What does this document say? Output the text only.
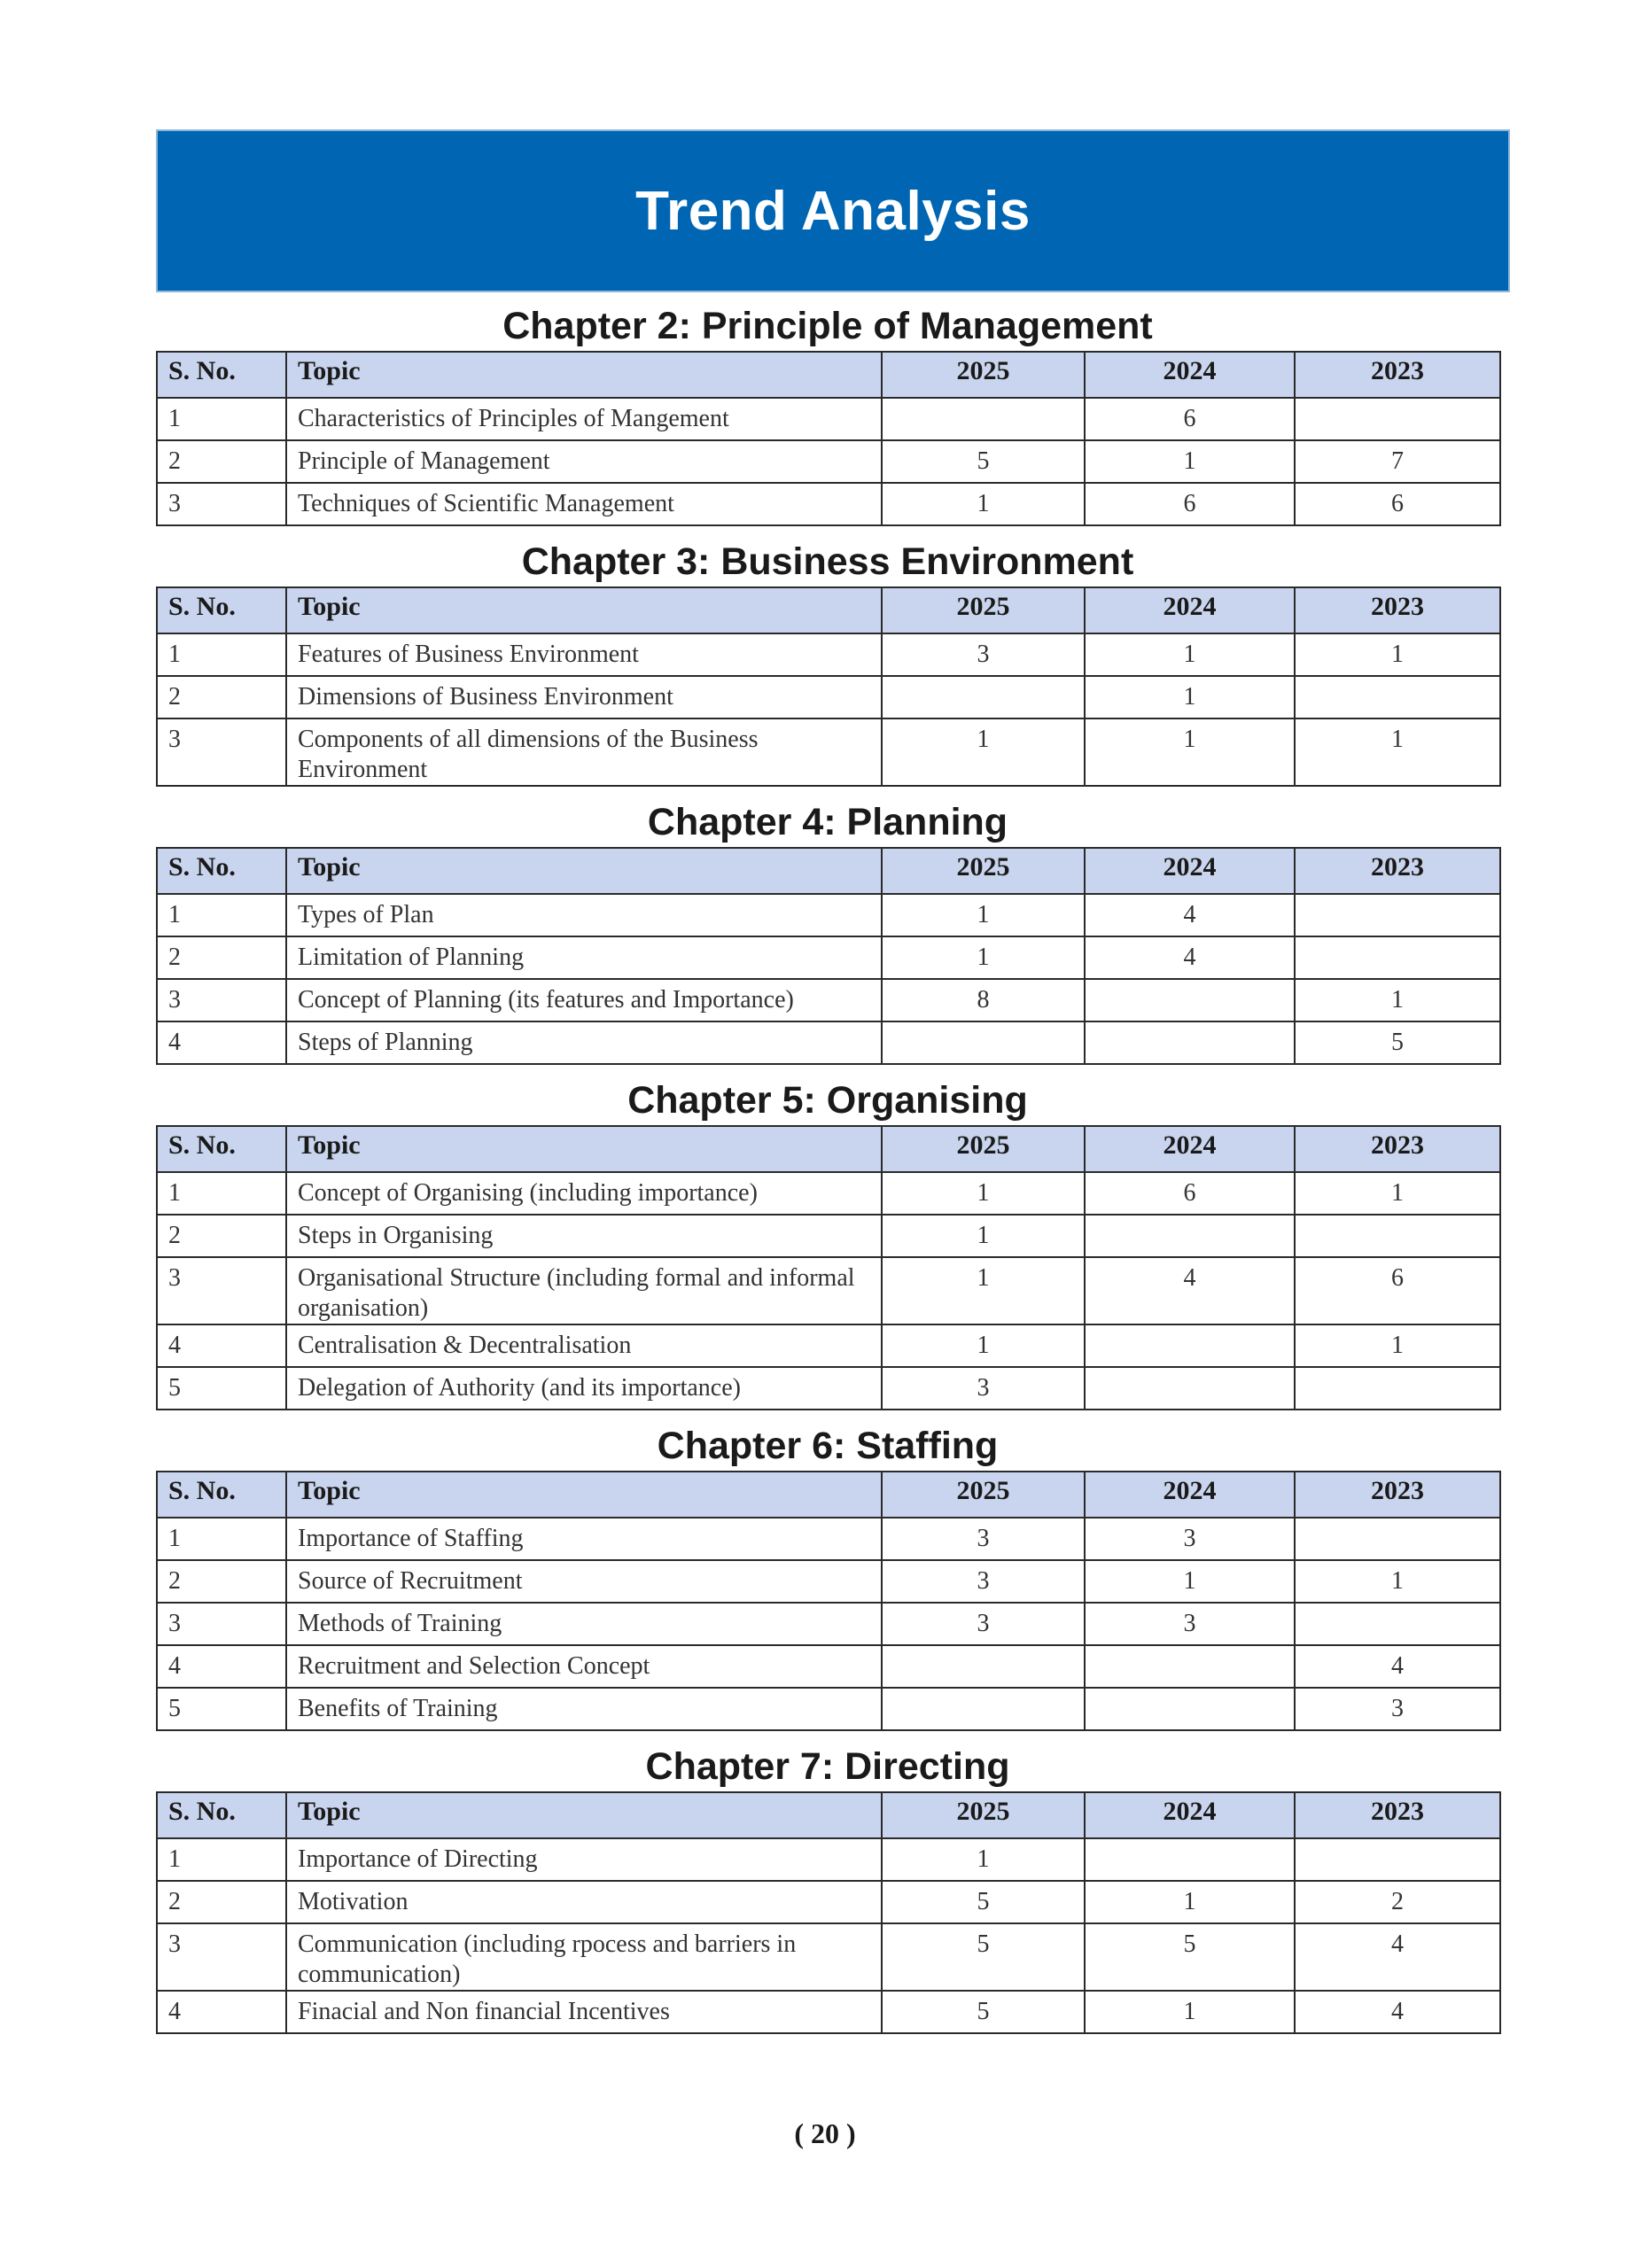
Trend Analysis
Chapter 2: Principle of Management
S. No.	Topic	2025	2024	2023
1	Characteristics of Principles of Mangement		6	
2	Principle of Management	5	1	7
3	Techniques of Scientific Management	1	6	6
Chapter 3: Business Environment
S. No.	Topic	2025	2024	2023
1	Features of Business Environment	3	1	1
2	Dimensions of Business Environment		1	
3	Components of all dimensions of the Business Environment	1	1	1
Chapter 4: Planning
S. No.	Topic	2025	2024	2023
1	Types of Plan	1	4	
2	Limitation of Planning	1	4	
3	Concept of Planning (its features and Importance)	8		1
4	Steps of Planning			5
Chapter 5: Organising
S. No.	Topic	2025	2024	2023
1	Concept of Organising (including importance)	1	6	1
2	Steps in Organising	1		
3	Organisational Structure (including formal and informal organisation)	1	4	6
4	Centralisation & Decentralisation	1		1
5	Delegation of Authority (and its importance)	3		
Chapter 6: Staffing
S. No.	Topic	2025	2024	2023
1	Importance of Staffing	3	3	
2	Source of Recruitment	3	1	1
3	Methods of Training	3	3	
4	Recruitment and Selection Concept			4
5	Benefits of Training			3
Chapter 7: Directing
S. No.	Topic	2025	2024	2023
1	Importance of Directing	1		
2	Motivation	5	1	2
3	Communication (including rpocess and barriers in communication)	5	5	4
4	Finacial and Non financial Incentives	5	1	4
( 20 )
